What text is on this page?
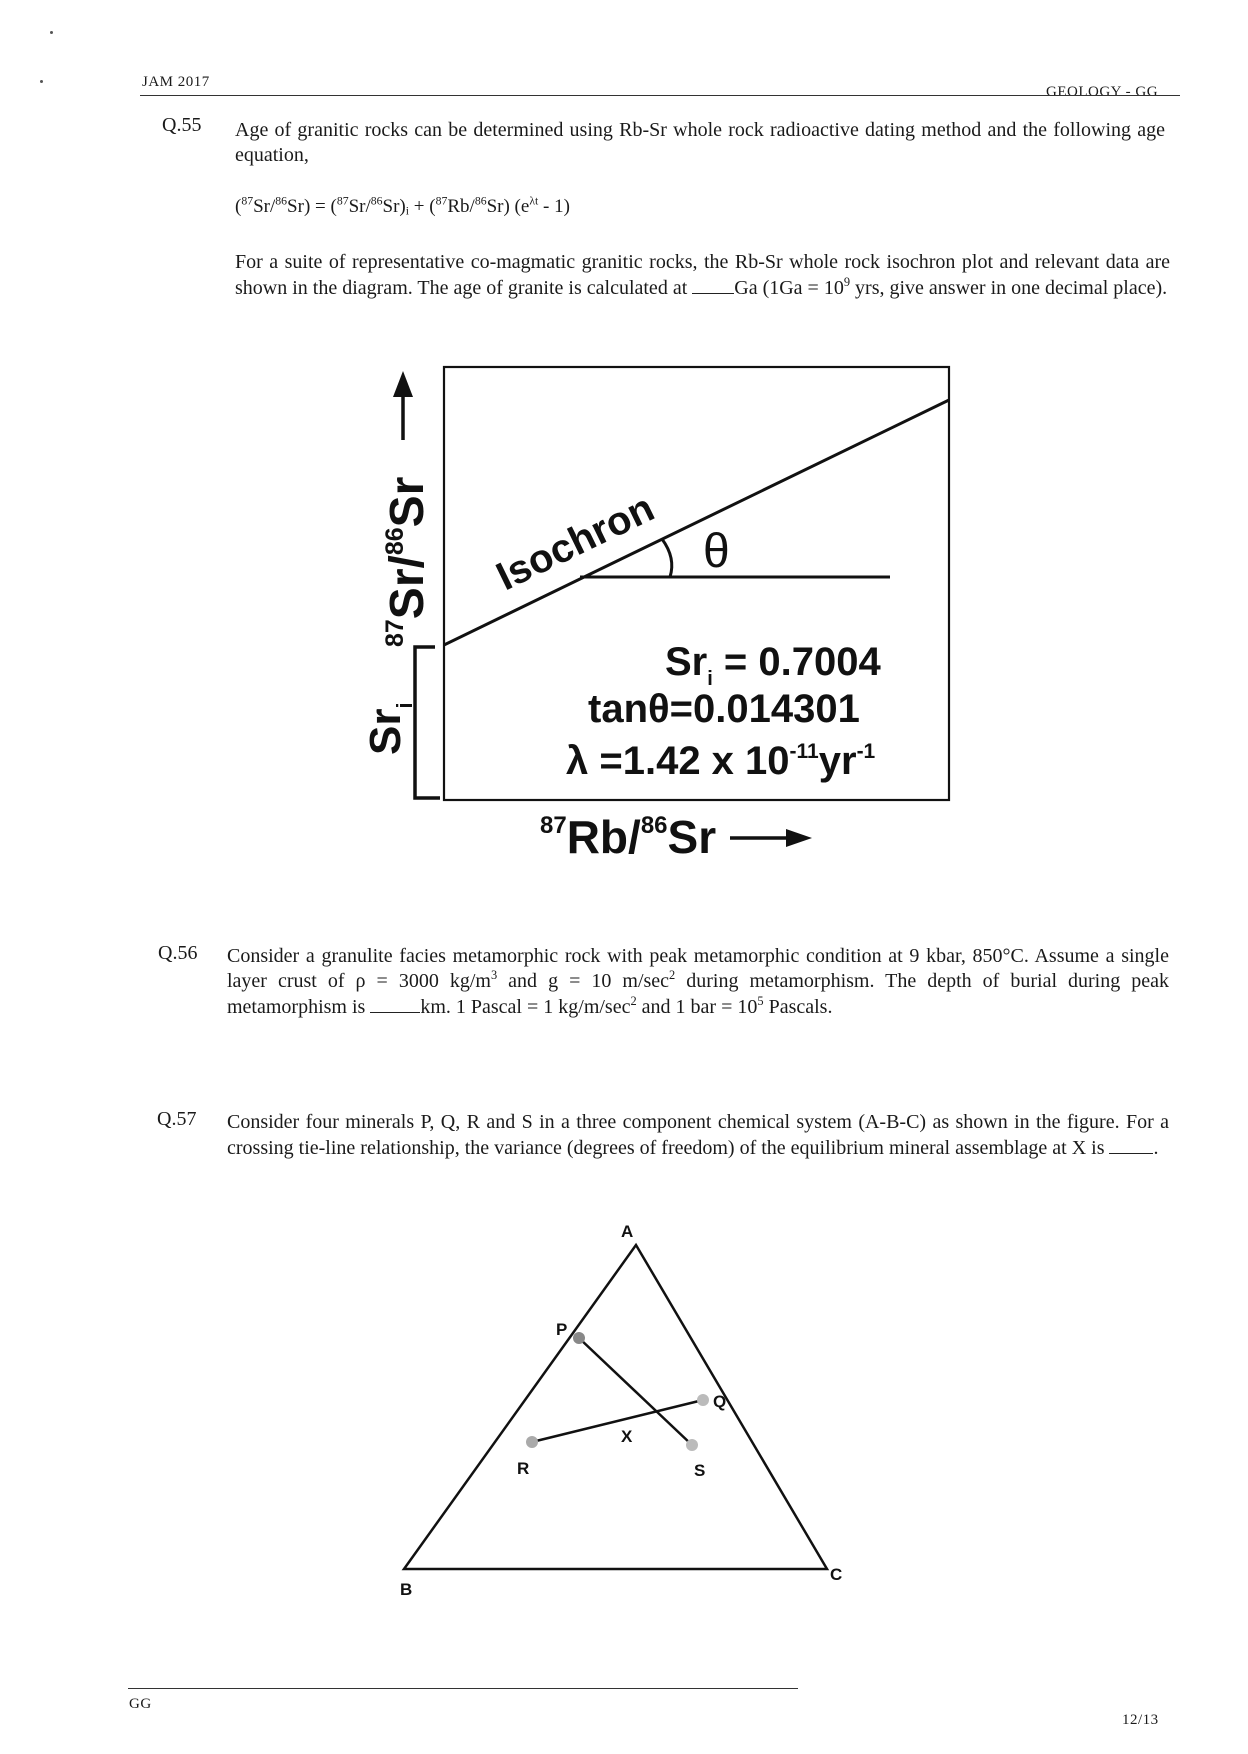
JAM 2017
GEOLOGY - GG
Q.55 Age of granitic rocks can be determined using Rb-Sr whole rock radioactive dating method and the following age equation,
$(^{87}Sr/^{86}Sr) = (^{87}Sr/^{86}Sr)_i + (^{87}Rb/^{86}Sr)$ $(e^{\lambda t} - 1)$
For a suite of representative co-magmatic granitic rocks, the Rb-Sr whole rock isochron plot and relevant data are shown in the diagram. The age of granite is calculated at Ga ($1Ga = 10^9$ yrs, give answer in one decimal place).
$^{87}$Sr/$^{86}$Sr
$Sr_i$
Isochron θ
$Sr_i = 0.7004$
tanθ=0.014301
λ =1.42 x $10^{-11}yr^{-1}$
$^{87}$Rb/$^{86}$Sr
Q.56 Consider a granulite facies metamorphic rock with peak metamorphic condition at 9 kbar, 850°C. Assume a single layer crust of ρ = 3000 $kg/m^3$ and g = 10 $m/\sec^2$ during metamorphism. The depth of burial during peak metamorphism is	km. 1 Pascal = 1 $kg/m/\sec^2$ and 1 bar = $10^5$ Pascals.
Q.57 Consider four minerals P, Q, R and S in a three component chemical system (A-B-C) as shown in the figure. For a crossing tie-line relationship, the variance (degrees of freedom) of the equilibrium mineral assemblage at X is .
A
B
C
P
Q
R	S
X
GG
12/13
